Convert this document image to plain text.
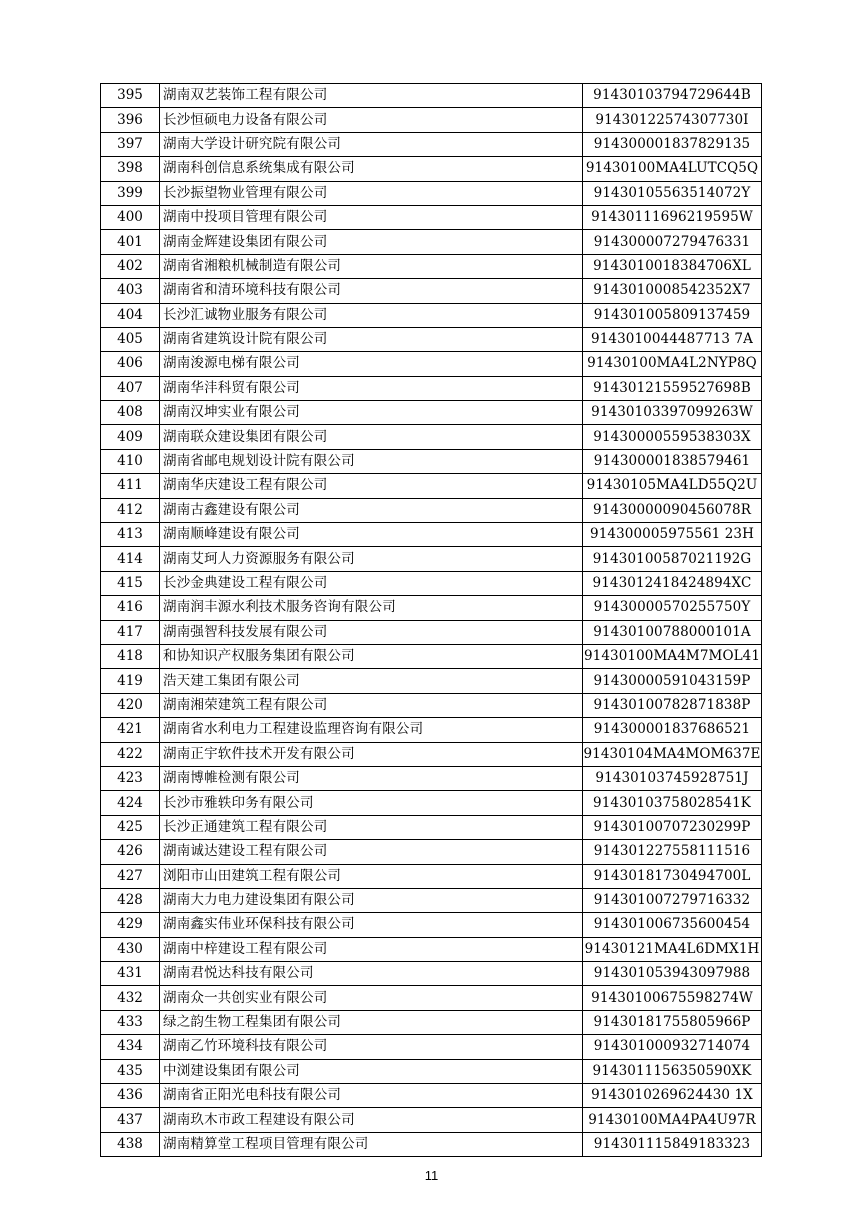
395	湖南双艺装饰工程有限公司	91430103794729644B
396	长沙恒硕电力设备有限公司	91430122574307730I
397	湖南大学设计研究院有限公司	914300001837829135
398	湖南科创信息系统集成有限公司	91430100MA4LUTCQ5Q
399	长沙振望物业管理有限公司	91430105563514072Y
400	湖南中投项目管理有限公司	91430111696219595W
401	湖南金辉建设集团有限公司	914300007279476331
402	湖南省湘粮机械制造有限公司	9143010018384706XL
403	湖南省和清环境科技有限公司	9143010008542352X7
404	长沙汇诚物业服务有限公司	914301005809137459
405	湖南省建筑设计院有限公司	9143010044487713 7A
406	湖南浚源电梯有限公司	91430100MA4L2NYP8Q
407	湖南华沣科贸有限公司	91430121559527698B
408	湖南汉坤实业有限公司	91430103397099263W
409	湖南联众建设集团有限公司	91430000559538303X
410	湖南省邮电规划设计院有限公司	914300001838579461
411	湖南华庆建设工程有限公司	91430105MA4LD55Q2U
412	湖南古鑫建设有限公司	91430000090456078R
413	湖南顺峰建设有限公司	914300005975561 23H
414	湖南艾珂人力资源服务有限公司	91430100587021192G
415	长沙金典建设工程有限公司	9143012418424894XC
416	湖南润丰源水利技术服务咨询有限公司	91430000570255750Y
417	湖南强智科技发展有限公司	91430100788000101A
418	和协知识产权服务集团有限公司	91430100MA4M7MOL41
419	浩天建工集团有限公司	91430000591043159P
420	湖南湘荣建筑工程有限公司	91430100782871838P
421	湖南省水利电力工程建设监理咨询有限公司	914300001837686521
422	湖南正宇软件技术开发有限公司	91430104MA4MOM637E
423	湖南博帷检测有限公司	91430103745928751J
424	长沙市雅轶印务有限公司	91430103758028541K
425	长沙正通建筑工程有限公司	91430100707230299P
426	湖南诚达建设工程有限公司	914301227558111516
427	浏阳市山田建筑工程有限公司	91430181730494700L
428	湖南大力电力建设集团有限公司	914301007279716332
429	湖南鑫实伟业环保科技有限公司	914301006735600454
430	湖南中梓建设工程有限公司	91430121MA4L6DMX1H
431	湖南君悦达科技有限公司	914301053943097988
432	湖南众一共创实业有限公司	91430100675598274W
433	绿之韵生物工程集团有限公司	91430181755805966P
434	湖南乙竹环境科技有限公司	914301000932714074
435	中浏建设集团有限公司	9143011156350590XK
436	湖南省正阳光电科技有限公司	9143010269624430 1X
437	湖南玖木市政工程建设有限公司	91430100MA4PA4U97R
438	湖南精算堂工程项目管理有限公司	914301115849183323
11
